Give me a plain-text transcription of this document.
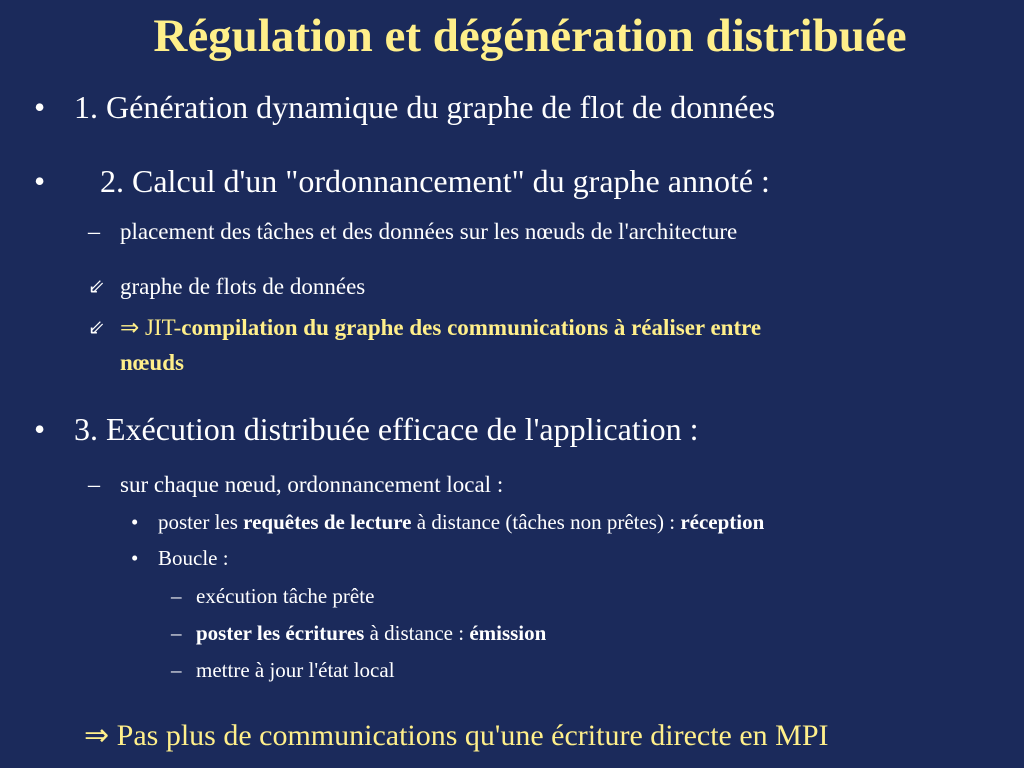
Régulation et dégénération distribuée
• 1. Génération dynamique du graphe de flot de données
• 2. Calcul d'un "ordonnancement" du graphe annoté :
– placement des tâches et des données sur les nœuds de l'architecture
⇙ graphe de flots de données
⇙ ⇒ JIT-compilation du graphe des communications à réaliser entre
nœuds
• 3. Exécution distribuée efficace de l'application :
– sur chaque nœud, ordonnancement local :
• poster les requêtes de lecture à distance (tâches non prêtes) : réception
• Boucle :
– exécution tâche prête
– poster les écritures à distance : émission
– mettre à jour l'état local
⇒ Pas plus de communications qu'une écriture directe en MPI
